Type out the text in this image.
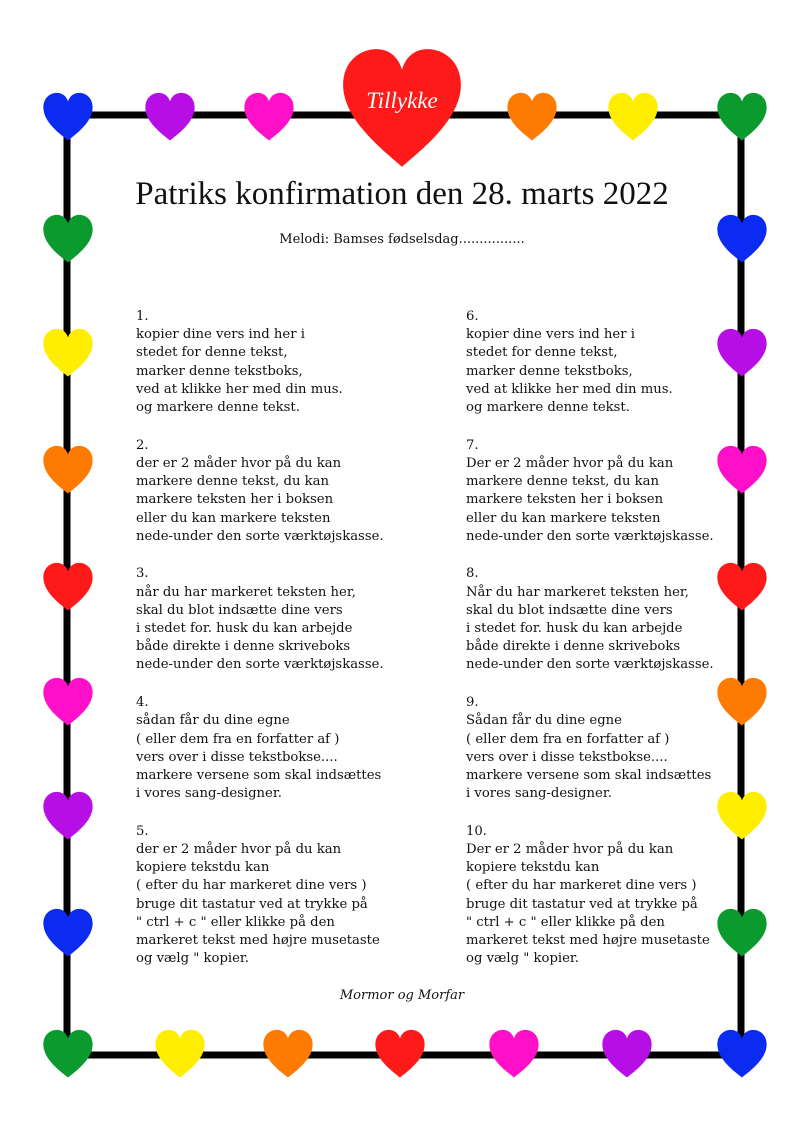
Tillykke
Patriks konfirmation den 28. marts 2022
Melodi: Bamses fødselsdag................
1.
kopier dine vers ind her i
stedet for denne tekst,
marker denne tekstboks,
ved at klikke her med din mus.
og markere denne tekst.
2.
der er 2 måder hvor på du kan
markere denne tekst, du kan
markere teksten her i boksen
eller du kan markere teksten
nede-under den sorte værktøjskasse.
3.
når du har markeret teksten her,
skal du blot indsætte dine vers
i stedet for. husk du kan arbejde
både direkte i denne skriveboks
nede-under den sorte værktøjskasse.
4.
sådan får du dine egne
( eller dem fra en forfatter af )
vers over i disse tekstbokse....
markere versene som skal indsættes
i vores sang-designer.
5.
der er 2 måder hvor på du kan
kopiere tekstdu kan
( efter du har markeret dine vers )
bruge dit tastatur ved at trykke på
" ctrl + c " eller klikke på den
markeret tekst med højre musetaste
og vælg " kopier.
6.
kopier dine vers ind her i
stedet for denne tekst,
marker denne tekstboks,
ved at klikke her med din mus.
og markere denne tekst.
7.
Der er 2 måder hvor på du kan
markere denne tekst, du kan
markere teksten her i boksen
eller du kan markere teksten
nede-under den sorte værktøjskasse.
8.
Når du har markeret teksten her,
skal du blot indsætte dine vers
i stedet for. husk du kan arbejde
både direkte i denne skriveboks
nede-under den sorte værktøjskasse.
9.
Sådan får du dine egne
( eller dem fra en forfatter af )
vers over i disse tekstbokse....
markere versene som skal indsættes
i vores sang-designer.
10.
Der er 2 måder hvor på du kan
kopiere tekstdu kan
( efter du har markeret dine vers )
bruge dit tastatur ved at trykke på
" ctrl + c " eller klikke på den
markeret tekst med højre musetaste
og vælg " kopier.
Mormor og Morfar
